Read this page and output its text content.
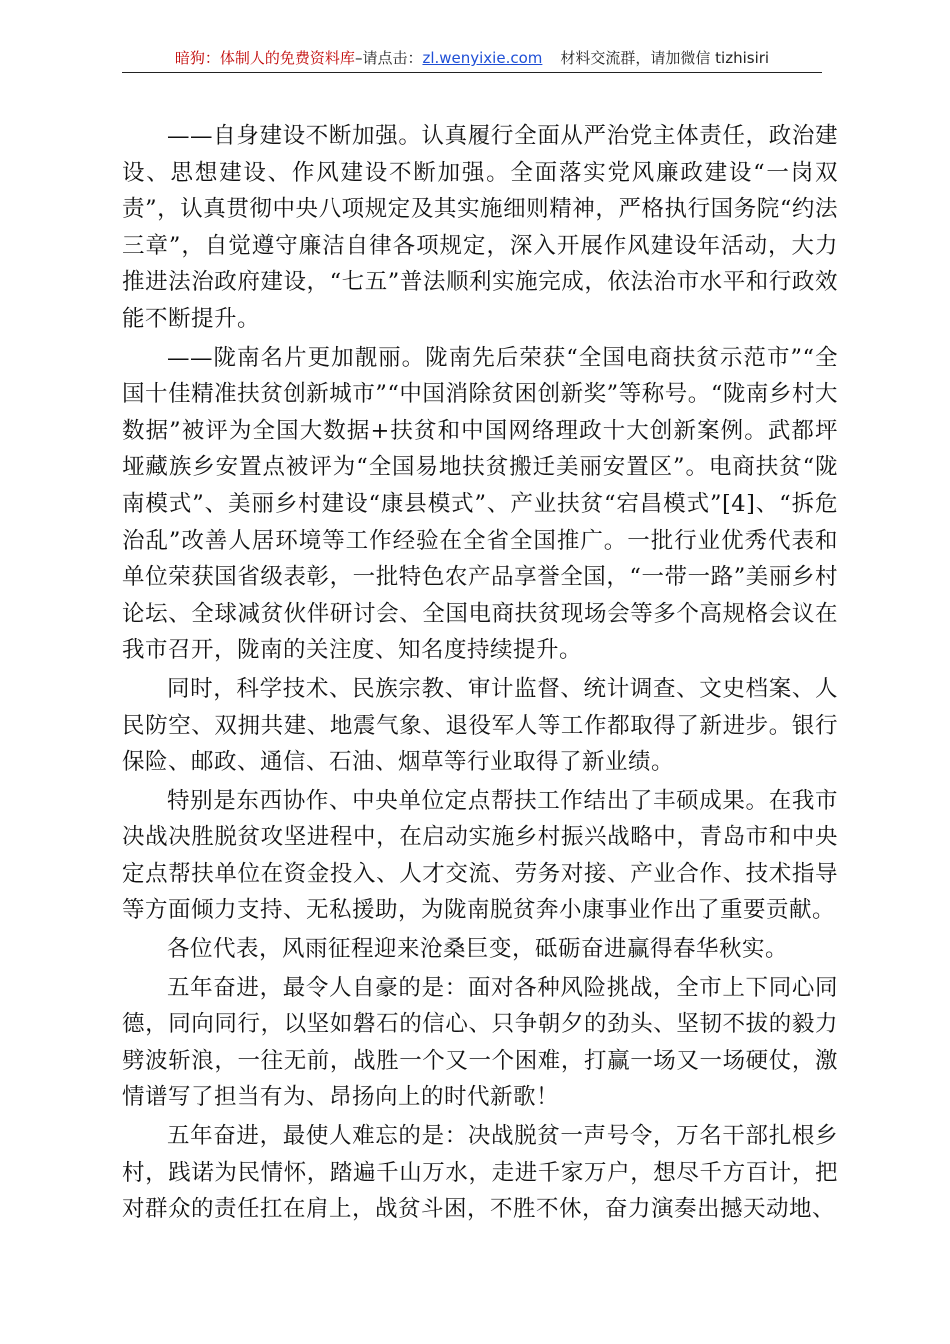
暗狗：体制人的免费资料库–请点击：zl.wenyixie.com 材料交流群，请加微信 tizhisiri

——自身建设不断加强。认真履行全面从严治党主体责任，政治建设、思想建设、作风建设不断加强。全面落实党风廉政建设“一岗双责”，认真贯彻中央八项规定及其实施细则精神，严格执行国务院“约法三章”，自觉遵守廉洁自律各项规定，深入开展作风建设年活动，大力推进法治政府建设，“七五”普法顺利实施完成，依法治市水平和行政效能不断提升。

——陇南名片更加靓丽。陇南先后荣获“全国电商扶贫示范市”“全国十佳精准扶贫创新城市”“中国消除贫困创新奖”等称号。“陇南乡村大数据”被评为全国大数据+扶贫和中国网络理政十大创新案例。武都坪垭藏族乡安置点被评为“全国易地扶贫搬迁美丽安置区”。电商扶贫“陇南模式”、美丽乡村建设“康县模式”、产业扶贫“宕昌模式”[4]、“拆危治乱”改善人居环境等工作经验在全省全国推广。一批行业优秀代表和单位荣获国省级表彰，一批特色农产品享誉全国，“一带一路”美丽乡村论坛、全球减贫伙伴研讨会、全国电商扶贫现场会等多个高规格会议在我市召开，陇南的关注度、知名度持续提升。

同时，科学技术、民族宗教、审计监督、统计调查、文史档案、人民防空、双拥共建、地震气象、退役军人等工作都取得了新进步。银行保险、邮政、通信、石油、烟草等行业取得了新业绩。

特别是东西协作、中央单位定点帮扶工作结出了丰硕成果。在我市决战决胜脱贫攻坚进程中，在启动实施乡村振兴战略中，青岛市和中央定点帮扶单位在资金投入、人才交流、劳务对接、产业合作、技术指导等方面倾力支持、无私援助，为陇南脱贫奔小康事业作出了重要贡献。

各位代表，风雨征程迎来沧桑巨变，砥砺奋进赢得春华秋实。

五年奋进，最令人自豪的是：面对各种风险挑战，全市上下同心同德，同向同行，以坚如磐石的信心、只争朝夕的劲头、坚韧不拔的毅力劈波斩浪，一往无前，战胜一个又一个困难，打赢一场又一场硬仗，激情谱写了担当有为、昂扬向上的时代新歌！

五年奋进，最使人难忘的是：决战脱贫一声号令，万名干部扎根乡村，践诺为民情怀，踏遍千山万水，走进千家万户，想尽千方百计，把对群众的责任扛在肩上，战贫斗困，不胜不休，奋力演奏出撼天动地、
